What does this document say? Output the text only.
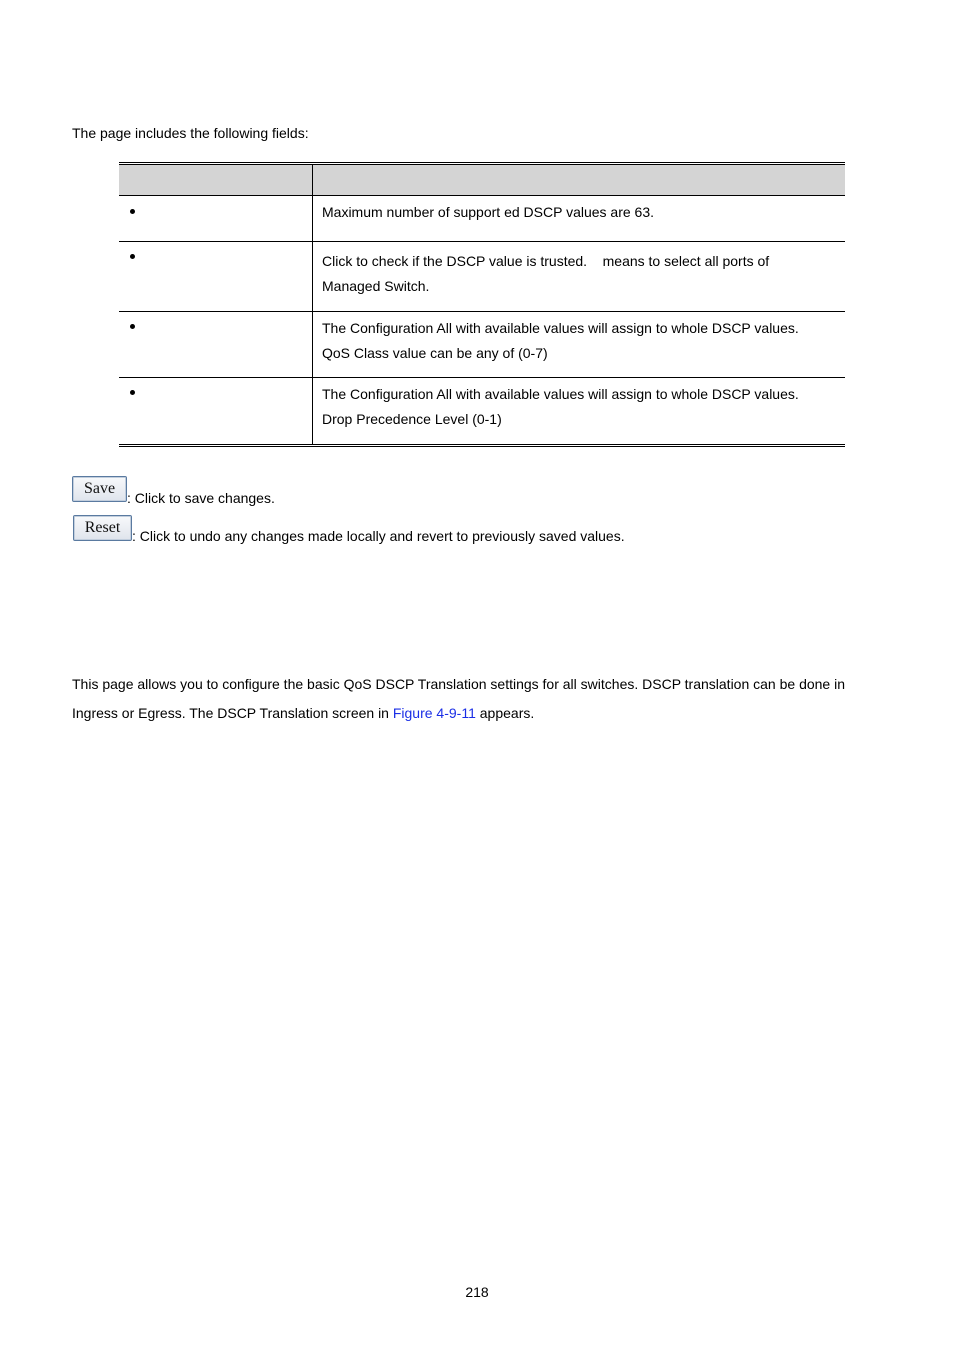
The page includes the following fields:

	Maximum number of support ed DSCP values are 63.

	Click to check if the DSCP value is trusted.    means to select all ports of
Managed Switch.

	The Configuration All with available values will assign to whole DSCP values.
QoS Class value can be any of (0-7)

	The Configuration All with available values will assign to whole DSCP values.
Drop Precedence Level (0-1)
Save
: Click to save changes.
Reset : Click to undo any changes made locally and revert to previously saved values.
This page allows you to configure the basic QoS DSCP Translation settings for all switches. DSCP translation can be done in Ingress or Egress. The DSCP Translation screen in Figure 4-9-11 appears.
218
